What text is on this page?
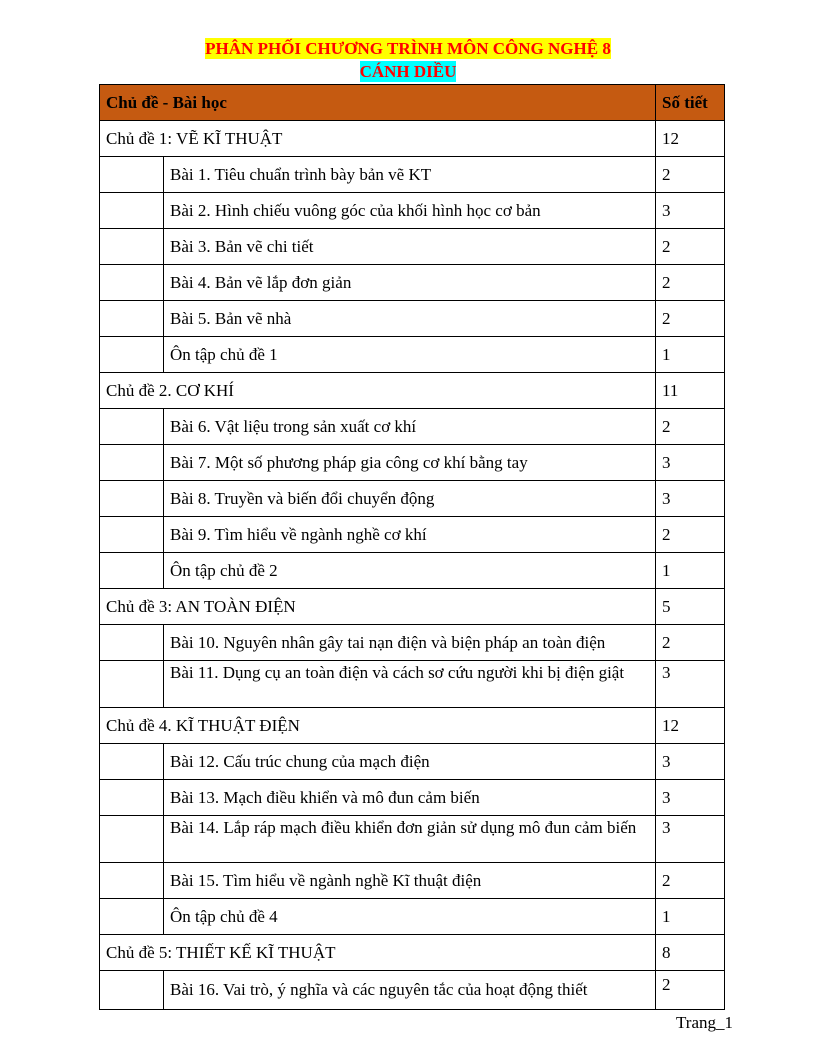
PHÂN PHỐI CHƯƠNG TRÌNH MÔN CÔNG NGHỆ 8
CÁNH DIỀU
Chủ đề - Bài học		Số tiết
Chủ đề 1: VẼ KĨ THUẬT		12
	Bài 1. Tiêu chuẩn trình bày bản vẽ KT	2
	Bài 2. Hình chiếu vuông góc của khối hình học cơ bản	3
	Bài 3. Bản vẽ chi tiết	2
	Bài 4. Bản vẽ lắp đơn giản	2
	Bài 5. Bản vẽ nhà	2
	Ôn tập chủ đề 1	1
Chủ đề 2. CƠ KHÍ		11
	Bài 6. Vật liệu trong sản xuất cơ khí	2
	Bài 7. Một số phương pháp gia công cơ khí bằng tay	3
	Bài 8. Truyền và biến đổi chuyển động	3
	Bài 9. Tìm hiểu về ngành nghề cơ khí	2
	Ôn tập chủ đề 2	1
Chủ đề 3: AN TOÀN ĐIỆN		5
	Bài 10. Nguyên nhân gây tai nạn điện và biện pháp an toàn điện	2
	Bài 11. Dụng cụ an toàn điện và cách sơ cứu người khi bị điện giật	3
Chủ đề 4. KĨ THUẬT ĐIỆN		12
	Bài 12. Cấu trúc chung của mạch điện	3
	Bài 13. Mạch điều khiển và mô đun cảm biến	3
	Bài 14. Lắp ráp mạch điều khiển đơn giản sử dụng mô đun cảm biến	3
	Bài 15. Tìm hiểu về ngành nghề Kĩ thuật điện	2
	Ôn tập chủ đề 4	1
Chủ đề 5: THIẾT KẾ KĨ THUẬT		8
	Bài 16. Vai trò, ý nghĩa và các nguyên tắc của hoạt động thiết	2
Trang_1
